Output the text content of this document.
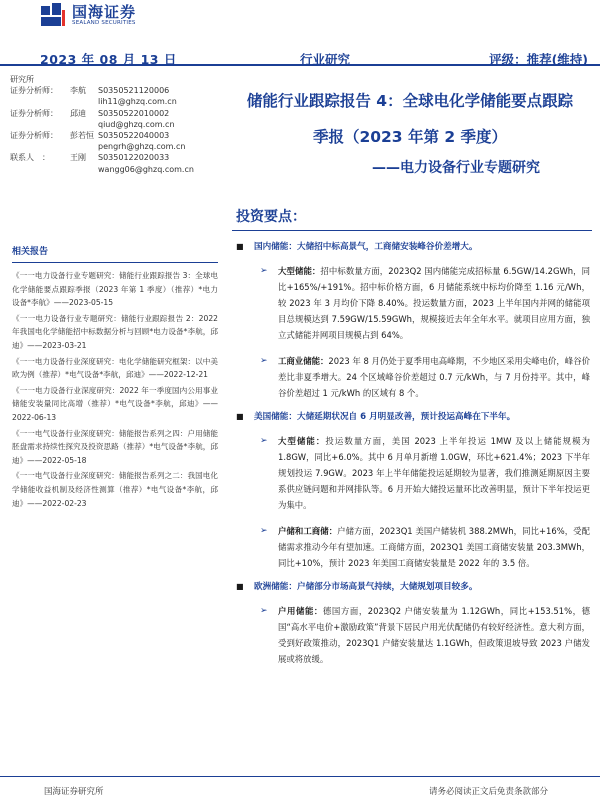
国海证券
SEALAND SECURITIES
2023 年 08 月 13 日	行业研究	评级：推荐(维持)
研究所
证券分析师：	李航	S0350521120006
lih11@ghzq.com.cn
证券分析师：	邱迪	S0350522010002
qiud@ghzq.com.cn
证券分析师：	彭若恒 S0350522040003
pengrh@ghzq.com.cn
联系人　：	王刚	S0350122020033
wangg06@ghzq.com.cn
储能行业跟踪报告 4：全球电化学储能要点跟踪
季报（2023 年第 2 季度）
——电力设备行业专题研究
相关报告
《一一电力设备行业专题研究：储能行业跟踪报告 3：全球电化学储能要点跟踪季报（2023 年第 1 季度）（推荐）*电力设备*李航》——2023-05-15
《一一电力设备行业专题研究：储能行业跟踪报告 2：2022 年我国电化学储能招中标数据分析与回顾*电力设备*李航，邱迪》——2023-03-21
《一一电力设备行业深度研究：电化学储能研究框架：以中美欧为例（推荐）*电气设备*李航，邱迪》——2022-12-21
《一一电力设备行业深度研究：2022 年一季度国内公用事业储能安装量同比高增（推荐）*电气设备*李航，邱迪》——2022-06-13
《一一电气设备行业深度研究：储能报告系列之四：户用储能胚盘需求持续性探究及投资思路（推荐）*电气设备*李航，邱迪》——2022-05-18
《一一电气设备行业深度研究：储能报告系列之二：我国电化学储能收益机制及经济性测算（推荐）*电气设备*李航，邱迪》——2022-02-23
投资要点：
■	国内储能：大储招中标高景气，工商储安装峰谷价差增大。
➢	大型储能：招中标数量方面，2023Q2 国内储能完成招标量 6.5GW/14.2GWh，同比+165%/+191%。招中标价格方面，6 月储能系统中标均价降至 1.16 元/Wh，较 2023 年 3 月均价下降 8.40%。投运数量方面，2023 上半年国内并网的储能项目总规模达到 7.59GW/15.59GWh，规模接近去年全年水平。就项目应用方面，独立式储能并网项目规模占到 64%。
➢	工商业储能：2023 年 8 月仍处于夏季用电高峰期，不少地区采用尖峰电价，峰谷价差比非夏季增大。24 个区域峰谷价差超过 0.7 元/kWh，与 7 月份持平。其中，峰谷价差超过 1 元/kWh 的区域有 8 个。
■	美国储能：大储延期状况自 6 月明显改善，预计投运高峰在下半年。
➢	大型储能：投运数量方面，美国 2023 上半年投运 1MW 及以上储能规模为 1.8GW，同比+6.0%。其中 6 月单月新增 1.0GW，环比+621.4%；2023 下半年规划投运 7.9GW。2023 年上半年储能投运延期较为显著，我们推测延期原因主要系供应链问题和并网排队等。6 月开始大储投运量环比改善明显，预计下半年投运更为集中。
➢	户储和工商储：户储方面，2023Q1 美国户储装机 388.2MWh，同比+16%，受配储需求推动今年有望加速。工商储方面，2023Q1 美国工商储安装量 203.3MWh，同比+10%，预计 2023 年美国工商储安装量是 2022 年的 3.5 倍。
■	欧洲储能：户储部分市场高景气持续，大储规划项目较多。
➢	户用储能：德国方面，2023Q2 户储安装量为 1.12GWh，同比+153.51%，德国“高水平电价+激励政策”背景下居民户用光伏配储仍有较好经济性。意大利方面，受到好政策推动，2023Q1 户储安装量达 1.1GWh，但政策退坡导致 2023 户储发展或将放缓。
国海证券研究所	请务必阅读正文后免责条款部分
